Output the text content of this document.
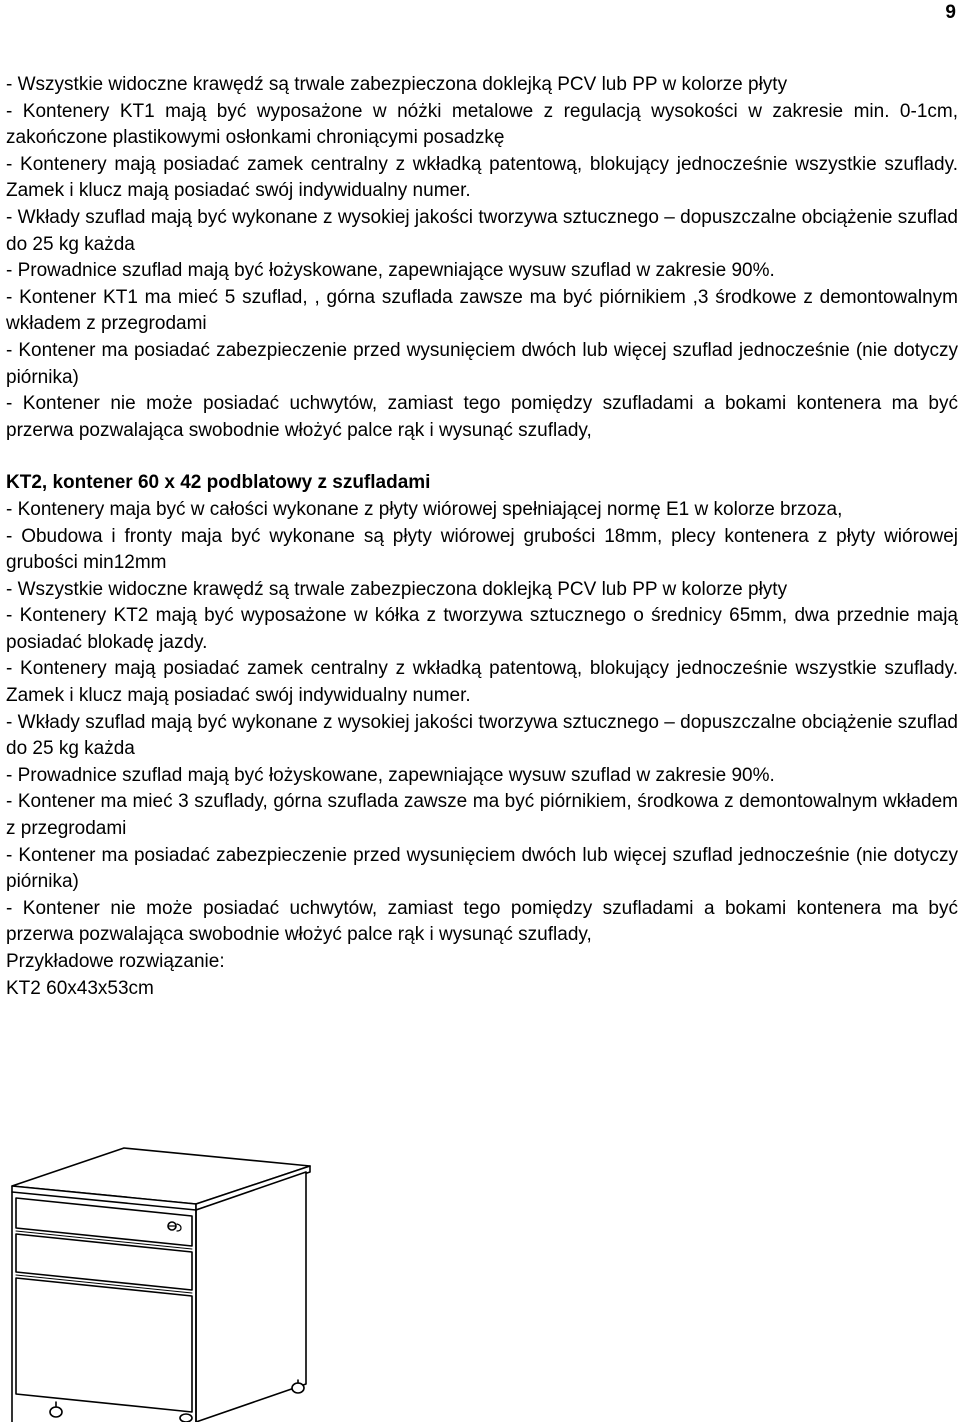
9

- Wszystkie widoczne krawędź są trwale zabezpieczona doklejką PCV lub PP w kolorze płyty

- Kontenery KT1 mają być wyposażone w nóżki metalowe z regulacją wysokości w zakresie min. 0-1cm, zakończone plastikowymi osłonkami chroniącymi posadzkę

- Kontenery mają posiadać zamek centralny z wkładką patentową, blokujący jednocześnie wszystkie szuflady. Zamek i klucz mają posiadać swój indywidualny numer.

- Wkłady szuflad mają być wykonane z wysokiej jakości tworzywa sztucznego – dopuszczalne obciążenie szuflad do 25 kg każda

- Prowadnice szuflad mają być łożyskowane, zapewniające wysuw szuflad w zakresie 90%.

- Kontener KT1 ma mieć 5 szuflad, , górna szuflada zawsze ma być piórnikiem ,3 środkowe z demontowalnym wkładem z przegrodami

- Kontener ma posiadać zabezpieczenie przed wysunięciem dwóch lub więcej szuflad jednocześnie (nie dotyczy piórnika)

- Kontener nie może posiadać uchwytów, zamiast tego pomiędzy szufladami a bokami kontenera ma być przerwa pozwalająca swobodnie włożyć palce rąk i wysunąć szuflady,

KT2, kontener 60 x 42 podblatowy z szufladami

- Kontenery maja być w całości wykonane z płyty wiórowej spełniającej normę E1 w kolorze brzoza,

- Obudowa i fronty maja być wykonane są płyty wiórowej grubości 18mm, plecy kontenera z płyty wiórowej grubości min12mm

- Wszystkie widoczne krawędź są trwale zabezpieczona doklejką PCV lub PP w kolorze płyty

- Kontenery KT2 mają być wyposażone w kółka z tworzywa sztucznego o średnicy 65mm, dwa przednie mają posiadać blokadę jazdy.

- Kontenery mają posiadać zamek centralny z wkładką patentową, blokujący jednocześnie wszystkie szuflady. Zamek i klucz mają posiadać swój indywidualny numer.

- Wkłady szuflad mają być wykonane z wysokiej jakości tworzywa sztucznego – dopuszczalne obciążenie szuflad do 25 kg każda

- Prowadnice szuflad mają być łożyskowane, zapewniające wysuw szuflad w zakresie 90%.

- Kontener ma mieć 3 szuflady, górna szuflada zawsze ma być piórnikiem, środkowa z demontowalnym wkładem z przegrodami

- Kontener ma posiadać zabezpieczenie przed wysunięciem dwóch lub więcej szuflad jednocześnie (nie dotyczy piórnika)

- Kontener nie może posiadać uchwytów, zamiast tego pomiędzy szufladami a bokami kontenera ma być przerwa pozwalająca swobodnie włożyć palce rąk i wysunąć szuflady,

Przykładowe rozwiązanie:

KT2 60x43x53cm
